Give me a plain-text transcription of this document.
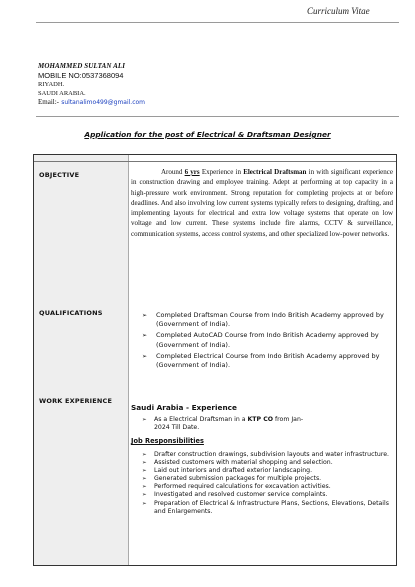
Curriculum Vitae
MOHAMMED SULTAN ALI
MOBILE NO:0537368094
RIYADH.
SAUDI ARABIA.
Email:- sultanalimo499@gmail.com
Application for the post of Electrical & Draftsman Designer
OBJECTIVE
QUALIFICATIONS
WORK EXPERIENCE
Around 6 yrs Experience in Electrical Draftsman in with significant experience in construction drawing and employee training. Adept at performing at top capacity in a high-pressure work environment. Strong reputation for completing projects at or before deadlines. And also involving low current systems typically refers to designing, drafting, and implementing layouts for electrical and extra low voltage systems that operate on low voltage and low current. These systems include fire alarms, CCTV & surveillance, communication systems, access control systems, and other specialized low-power networks.
➢ Completed Draftsman Course from Indo British Academy approved by (Government of India).
➢ Completed AutoCAD Course from Indo British Academy approved by (Government of India).
➢ Completed Electrical Course from Indo British Academy approved by (Government of India).
Saudi Arabia - Experience
➢ As a Electrical Draftsman in a KTP CO from Jan-2024 Till Date.
Job Responsibilities
➢ Drafter construction drawings, subdivision layouts and water infrastructure.
➢ Assisted customers with material shopping and selection.
➢ Laid out interiors and drafted exterior landscaping.
➢ Generated submission packages for multiple projects.
➢ Performed required calculations for excavation activities.
➢ Investigated and resolved customer service complaints.
➢ Preparation of Electrical & Infrastructure Plans, Sections, Elevations, Details and Enlargements.
